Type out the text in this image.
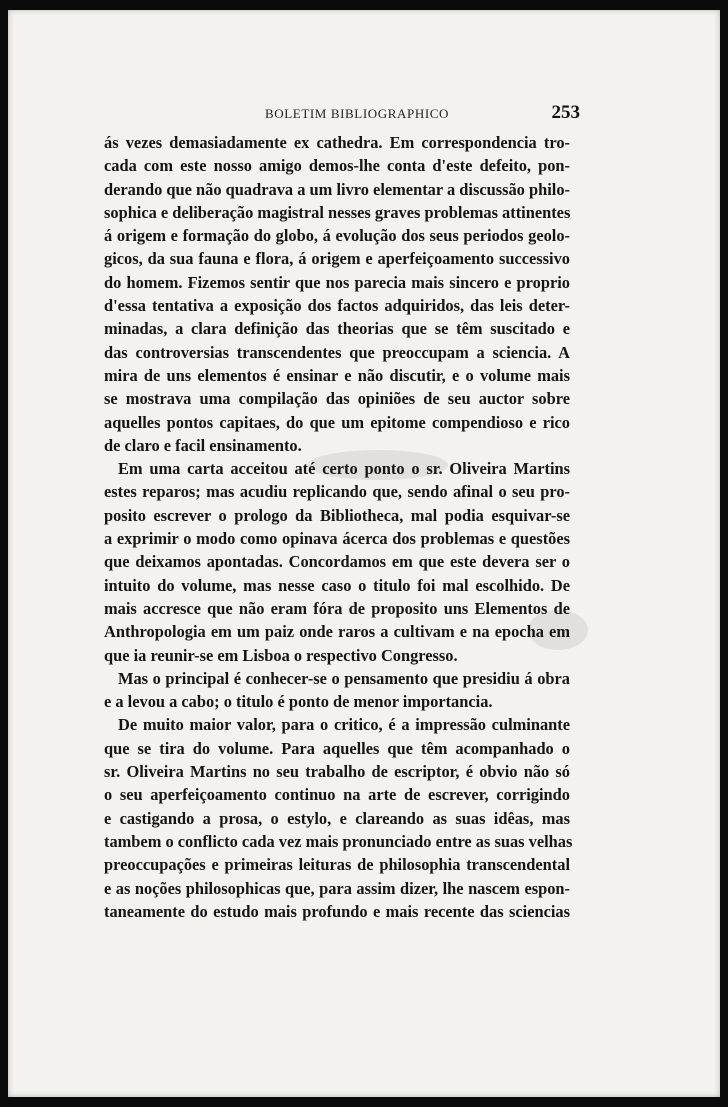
BOLETIM BIBLIOGRAPHICO	253
ás vezes demasiadamente ex cathedra. Em correspondencia tro-
cada com este nosso amigo demos-lhe conta d'este defeito, pon-
derando que não quadrava a um livro elementar a discussão philo-
sophica e deliberação magistral nesses graves problemas attinentes
á origem e formação do globo, á evolução dos seus periodos geolo-
gicos, da sua fauna e flora, á origem e aperfeiçoamento successivo
do homem. Fizemos sentir que nos parecia mais sincero e proprio
d'essa tentativa a exposição dos factos adquiridos, das leis deter-
minadas, a clara definição das theorias que se têm suscitado e
das controversias transcendentes que preoccupam a sciencia. A
mira de uns elementos é ensinar e não discutir, e o volume mais
se mostrava uma compilação das opiniões de seu auctor sobre
aquelles pontos capitaes, do que um epitome compendioso e rico
de claro e facil ensinamento.
Em uma carta acceitou até certo ponto o sr. Oliveira Martins
estes reparos; mas acudiu replicando que, sendo afinal o seu pro-
posito escrever o prologo da Bibliotheca, mal podia esquivar-se
a exprimir o modo como opinava ácerca dos problemas e questões
que deixamos apontadas. Concordamos em que este devera ser o
intuito do volume, mas nesse caso o titulo foi mal escolhido. De
mais accresce que não eram fóra de proposito uns Elementos de
Anthropologia em um paiz onde raros a cultivam e na epocha em
que ia reunir-se em Lisboa o respectivo Congresso.
Mas o principal é conhecer-se o pensamento que presidiu á obra
e a levou a cabo; o titulo é ponto de menor importancia.
De muito maior valor, para o critico, é a impressão culminante
que se tira do volume. Para aquelles que têm acompanhado o
sr. Oliveira Martins no seu trabalho de escriptor, é obvio não só
o seu aperfeiçoamento continuo na arte de escrever, corrigindo
e castigando a prosa, o estylo, e clareando as suas idêas, mas
tambem o conflicto cada vez mais pronunciado entre as suas velhas
preoccupações e primeiras leituras de philosophia transcendental
e as noções philosophicas que, para assim dizer, lhe nascem espon-
taneamente do estudo mais profundo e mais recente das sciencias
